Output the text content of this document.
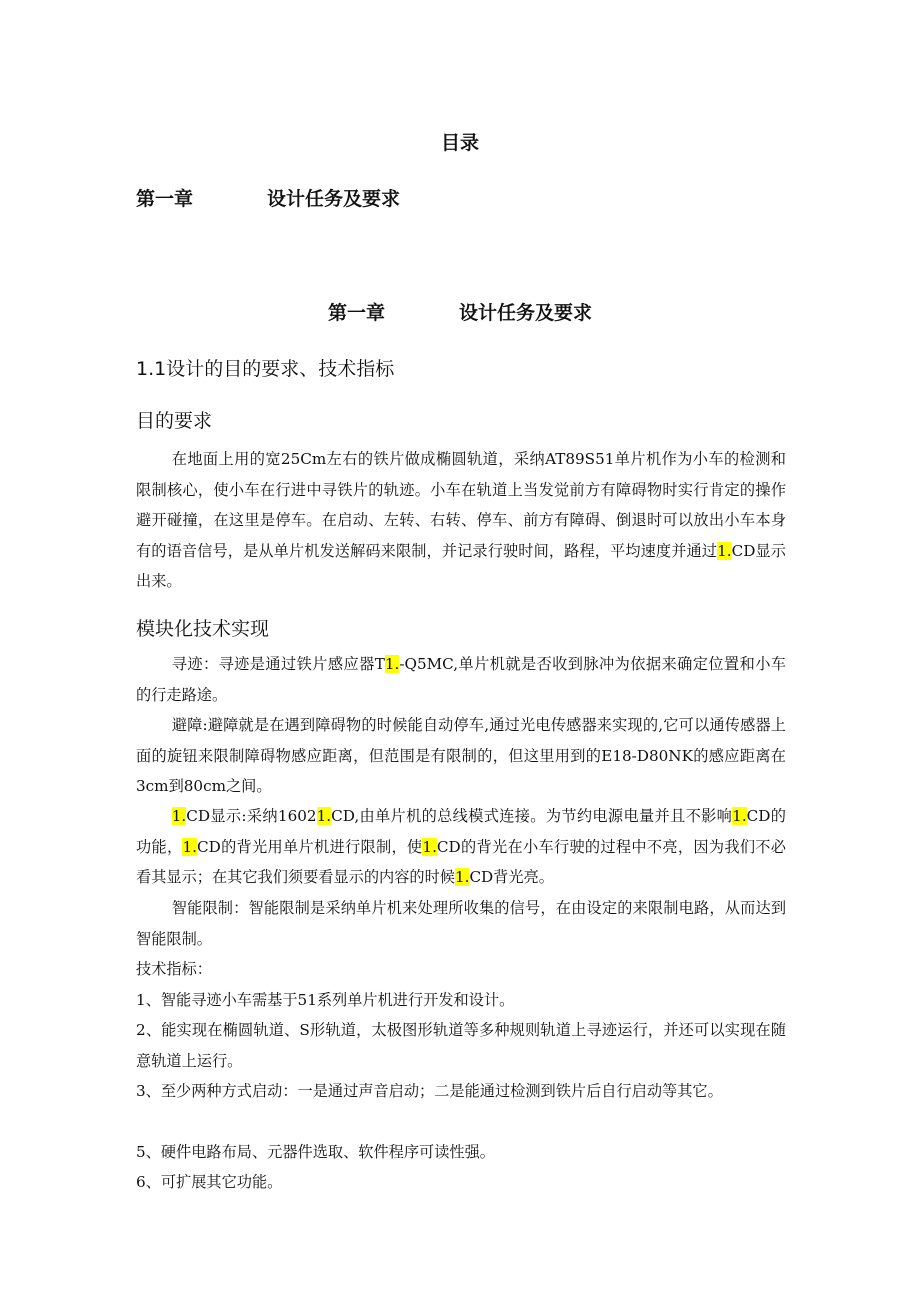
目录
第一章	设计任务及要求
第一章	设计任务及要求
1.1设计的目的要求、技术指标
目的要求

在地面上用的宽25Cm左右的铁片做成椭圆轨道，采纳AT89S51单片机作为小车的检测和限制核心，使小车在行进中寻铁片的轨迹。小车在轨道上当发觉前方有障碍物时实行肯定的操作避开碰撞，在这里是停车。在启动、左转、右转、停车、前方有障碍、倒退时可以放出小车本身有的语音信号，是从单片机发送解码来限制，并记录行驶时间，路程，平均速度并通过1.CD显示出来。

模块化技术实现

寻迹：寻迹是通过铁片感应器T1.-Q5MC,单片机就是否收到脉冲为依据来确定位置和小车的行走路途。

避障:避障就是在遇到障碍物的时候能自动停车,通过光电传感器来实现的,它可以通传感器上面的旋钮来限制障碍物感应距离，但范围是有限制的，但这里用到的E18-D80NK的感应距离在3cm到80cm之间。

1.CD显示:采纳16021.CD,由单片机的总线模式连接。为节约电源电量并且不影响1.CD的功能，1.CD的背光用单片机进行限制，使1.CD的背光在小车行驶的过程中不亮，因为我们不必看其显示；在其它我们须要看显示的内容的时候1.CD背光亮。

智能限制：智能限制是采纳单片机来处理所收集的信号，在由设定的来限制电路，从而达到智能限制。

技术指标：

1、智能寻迹小车需基于51系列单片机进行开发和设计。

2、能实现在椭圆轨道、S形轨道，太极图形轨道等多种规则轨道上寻迹运行，并还可以实现在随意轨道上运行。

3、至少两种方式启动：一是通过声音启动；二是能通过检测到铁片后自行启动等其它。

5、硬件电路布局、元器件选取、软件程序可读性强。

6、可扩展其它功能。
